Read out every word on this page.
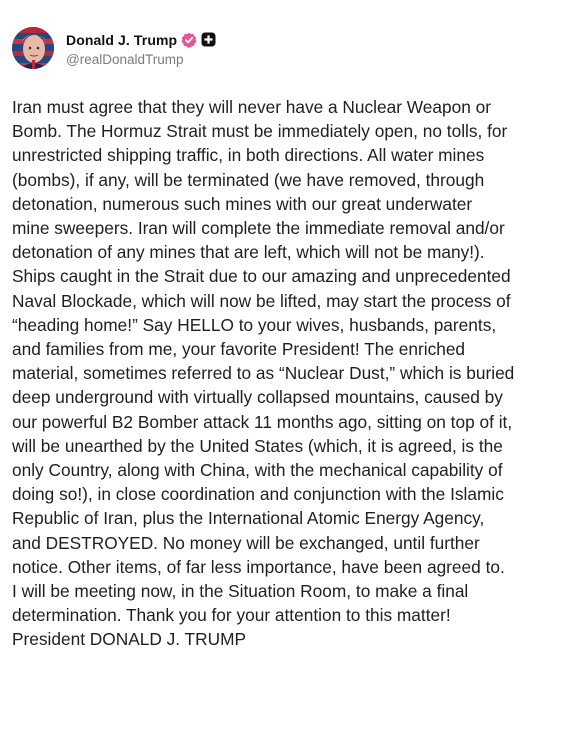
Donald J. Trump
@realDonaldTrump

Iran must agree that they will never have a Nuclear Weapon or
Bomb. The Hormuz Strait must be immediately open, no tolls, for
unrestricted shipping traffic, in both directions. All water mines
(bombs), if any, will be terminated (we have removed, through
detonation, numerous such mines with our great underwater
mine sweepers. Iran will complete the immediate removal and/or
detonation of any mines that are left, which will not be many!).
Ships caught in the Strait due to our amazing and unprecedented
Naval Blockade, which will now be lifted, may start the process of
“heading home!” Say HELLO to your wives, husbands, parents,
and families from me, your favorite President! The enriched
material, sometimes referred to as “Nuclear Dust,” which is buried
deep underground with virtually collapsed mountains, caused by
our powerful B2 Bomber attack 11 months ago, sitting on top of it,
will be unearthed by the United States (which, it is agreed, is the
only Country, along with China, with the mechanical capability of
doing so!), in close coordination and conjunction with the Islamic
Republic of Iran, plus the International Atomic Energy Agency,
and DESTROYED. No money will be exchanged, until further
notice. Other items, of far less importance, have been agreed to.
I will be meeting now, in the Situation Room, to make a final
determination. Thank you for your attention to this matter!
President DONALD J. TRUMP
